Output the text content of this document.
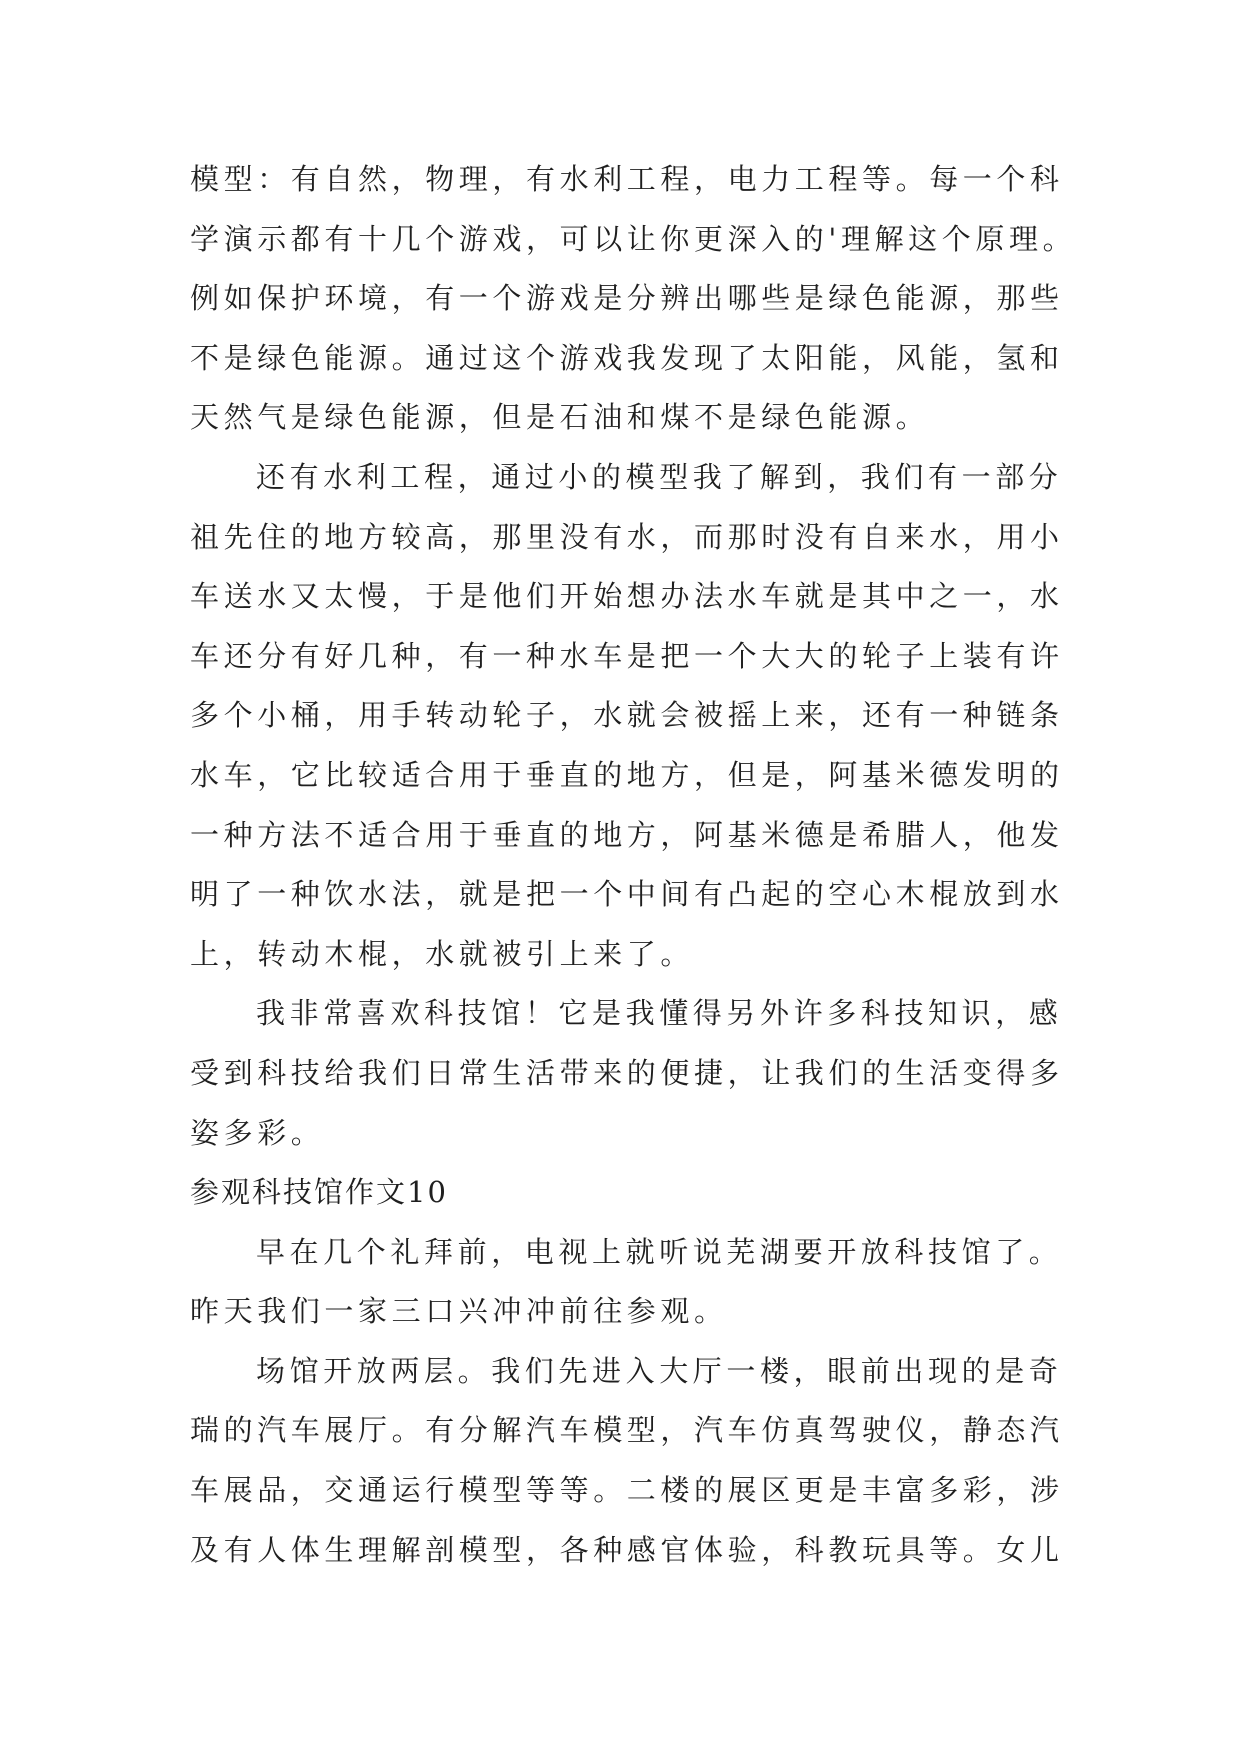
模型：有自然，物理，有水利工程，电力工程等。每一个科
学演示都有十几个游戏，可以让你更深入的'理解这个原理。
例如保护环境，有一个游戏是分辨出哪些是绿色能源，那些
不是绿色能源。通过这个游戏我发现了太阳能，风能，氢和
天然气是绿色能源，但是石油和煤不是绿色能源。
还有水利工程，通过小的模型我了解到，我们有一部分
祖先住的地方较高，那里没有水，而那时没有自来水，用小
车送水又太慢，于是他们开始想办法水车就是其中之一，水
车还分有好几种，有一种水车是把一个大大的轮子上装有许
多个小桶，用手转动轮子，水就会被摇上来，还有一种链条
水车，它比较适合用于垂直的地方，但是，阿基米德发明的
一种方法不适合用于垂直的地方，阿基米德是希腊人，他发
明了一种饮水法，就是把一个中间有凸起的空心木棍放到水
上，转动木棍，水就被引上来了。
我非常喜欢科技馆！它是我懂得另外许多科技知识，感
受到科技给我们日常生活带来的便捷，让我们的生活变得多
姿多彩。
参观科技馆作文10
早在几个礼拜前，电视上就听说芜湖要开放科技馆了。
昨天我们一家三口兴冲冲前往参观。
场馆开放两层。我们先进入大厅一楼，眼前出现的是奇
瑞的汽车展厅。有分解汽车模型，汽车仿真驾驶仪，静态汽
车展品，交通运行模型等等。二楼的展区更是丰富多彩，涉
及有人体生理解剖模型，各种感官体验，科教玩具等。女儿
